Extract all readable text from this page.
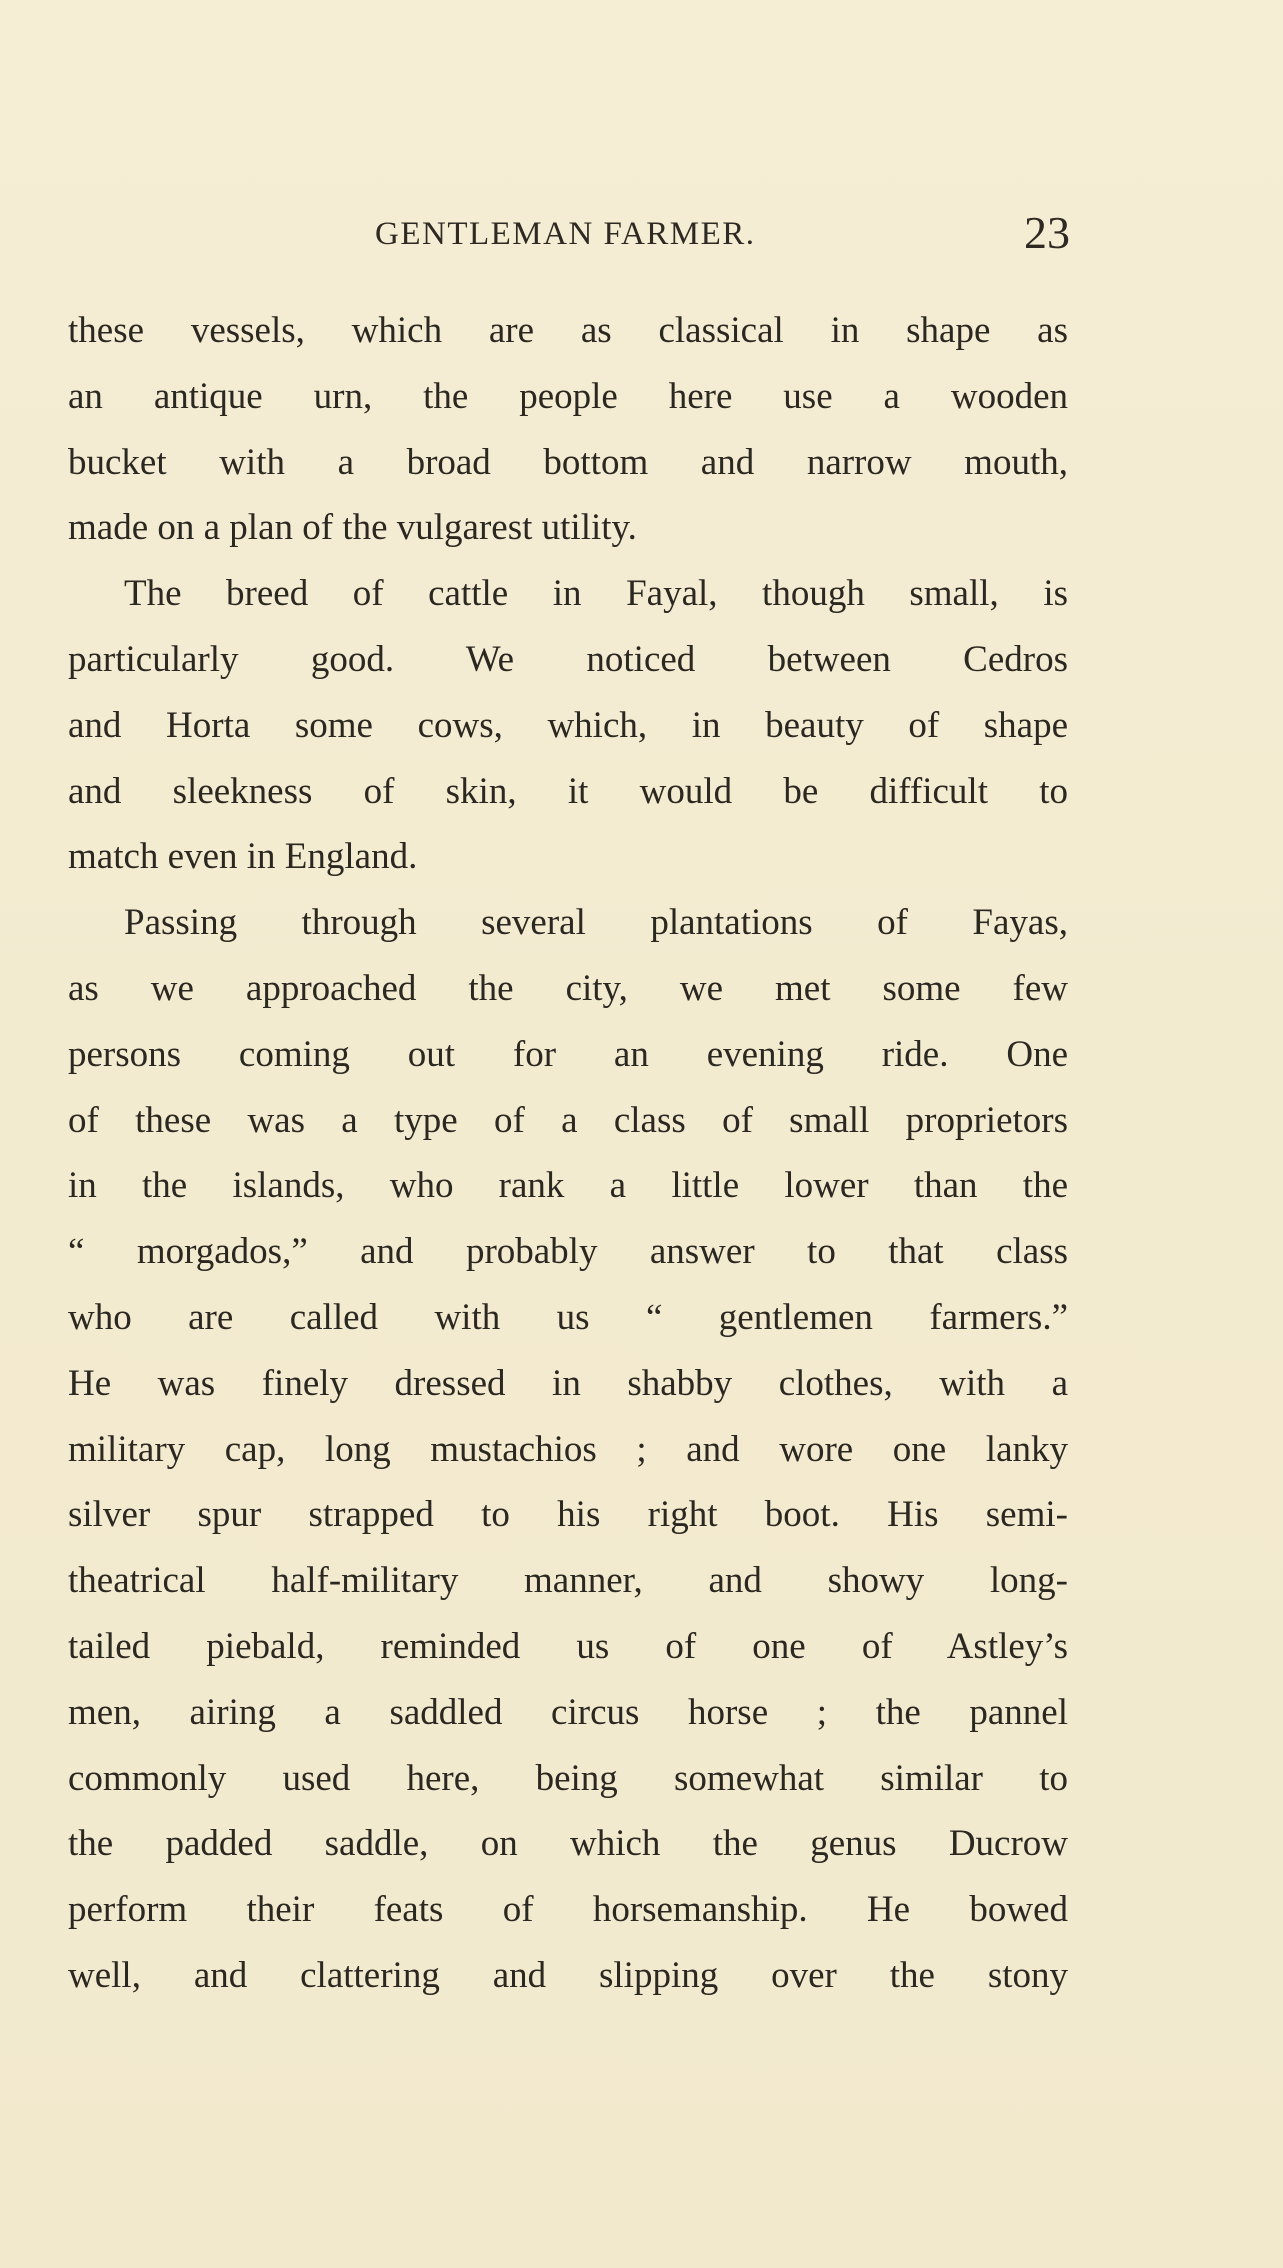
GENTLEMAN FARMER.	23
these vessels, which are as classical in shape as
an antique urn, the people here use a wooden
bucket with a broad bottom and narrow mouth,
made on a plan of the vulgarest utility.
The breed of cattle in Fayal, though small, is
particularly good. We noticed between Cedros
and Horta some cows, which, in beauty of shape
and sleekness of skin, it would be difficult to
match even in England.
Passing through several plantations of Fayas,
as we approached the city, we met some few
persons coming out for an evening ride. One
of these was a type of a class of small proprietors
in the islands, who rank a little lower than the
“ morgados,” and probably answer to that class
who are called with us “ gentlemen farmers.”
He was finely dressed in shabby clothes, with a
military cap, long mustachios ; and wore one lanky
silver spur strapped to his right boot. His semi-
theatrical half-military manner, and showy long-
tailed piebald, reminded us of one of Astley’s
men, airing a saddled circus horse ; the pannel
commonly used here, being somewhat similar to
the padded saddle, on which the genus Ducrow
perform their feats of horsemanship. He bowed
well, and clattering and slipping over the stony
